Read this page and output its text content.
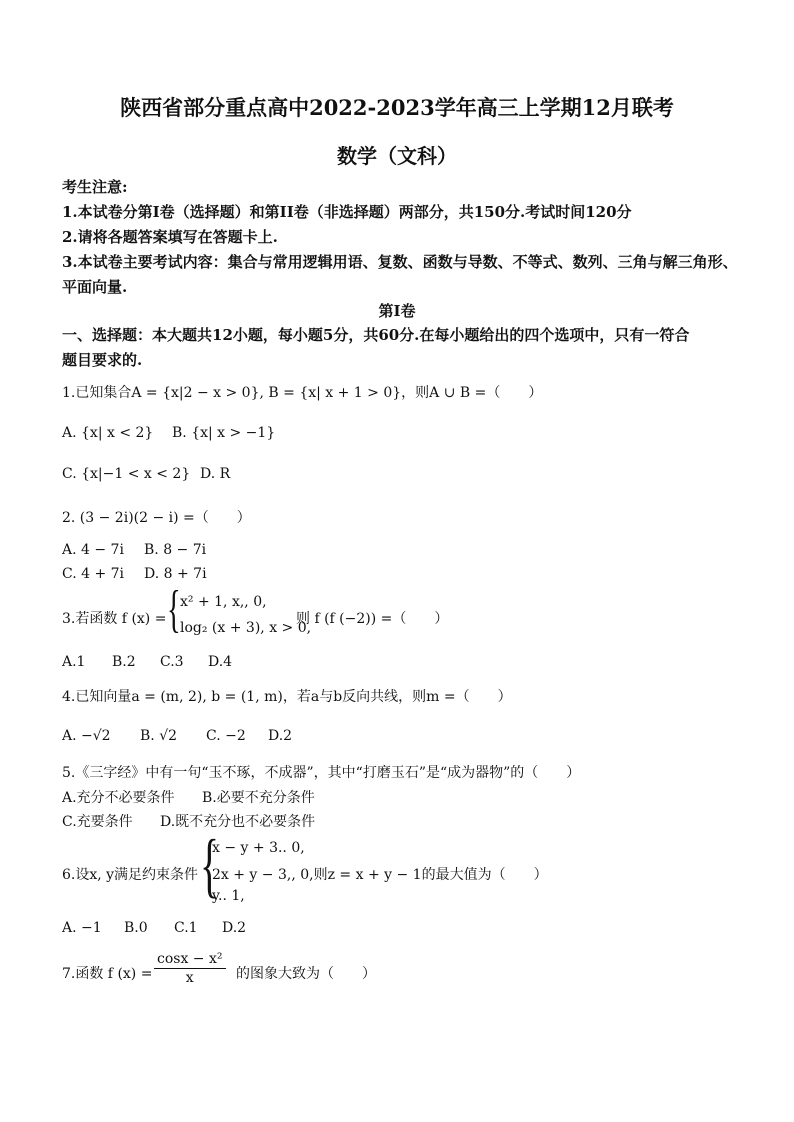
陕西省部分重点高中2022-2023学年高三上学期12月联考
数学（文科）
考生注意:
1.本试卷分第I卷（选择题）和第II卷（非选择题）两部分，共150分.考试时间120分
2.请将各题答案填写在答题卡上.
3.本试卷主要考试内容：集合与常用逻辑用语、复数、函数与导数、不等式、数列、三角与解三角形、
平面向量.
第I卷
一、选择题：本大题共12小题，每小题5分，共60分.在每小题给出的四个选项中，只有一符合
题目要求的.
1.已知集合A = {x|2 − x > 0}, B = {x| x + 1 > 0}，则A ∪ B =（　　）
A. {x| x < 2} B. {x| x > −1}
C. {x|−1 < x < 2} D. R
2. (3 − 2i)(2 − i) =（　　）
A. 4 − 7i B. 8 − 7i
C. 4 + 7i D. 8 + 7i
3.若函数 f (x) = { x² + 1, x,, 0,
log₂ (x + 3), x > 0,
则 f (f (−2)) =（　　）
A.1 B.2 C.3 D.4
4.已知向量a = (m, 2), b = (1, m)，若a与b反向共线，则m =（　　）
A. −√2 B. √2 C. −2 D.2
5.《三字经》中有一句“玉不琢，不成器”，其中“打磨玉石”是“成为器物”的（　　）
A.充分不必要条件 B.必要不充分条件
C.充要条件 D.既不充分也不必要条件
6.设x, y满足约束条件 {
x − y + 3.. 0,
2x + y − 3,, 0,则z = x + y − 1的最大值为（　　）
y.. 1,
A. −1 B.0 C.1 D.2
7.函数 f $(x) = \frac{\text{cosx − x²}}{x}$ 的图象大致为（　　）
